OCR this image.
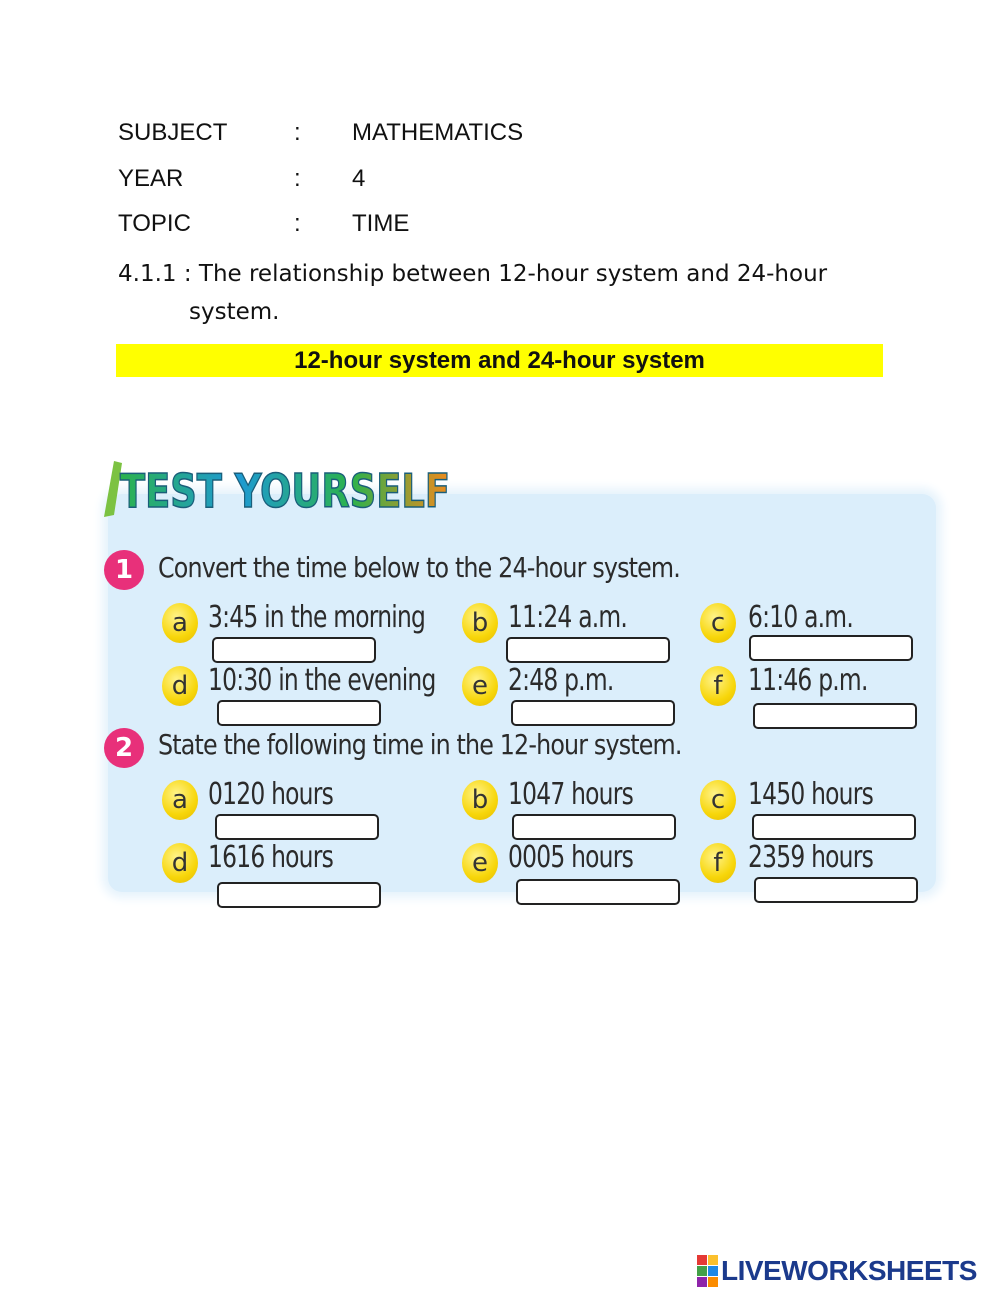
SUBJECT	: MATHEMATICS
YEAR	: 4
TOPIC	: TIME
4.1.1 : The relationship between 12-hour system and 24-hour
system.
12-hour system and 24-hour system
TEST YOURSELF
1 Convert the time below to the 24-hour system.
a 3:45 in the morning	b 11:24 a.m.	c 6:10 a.m.
d 10:30 in the evening	e 2:48 p.m.	f 11:46 p.m.
2 State the following time in the 12-hour system.
a 0120 hours	b 1047 hours	c 1450 hours
d 1616 hours	e 0005 hours	f 2359 hours
LIVEWORKSHEETS
